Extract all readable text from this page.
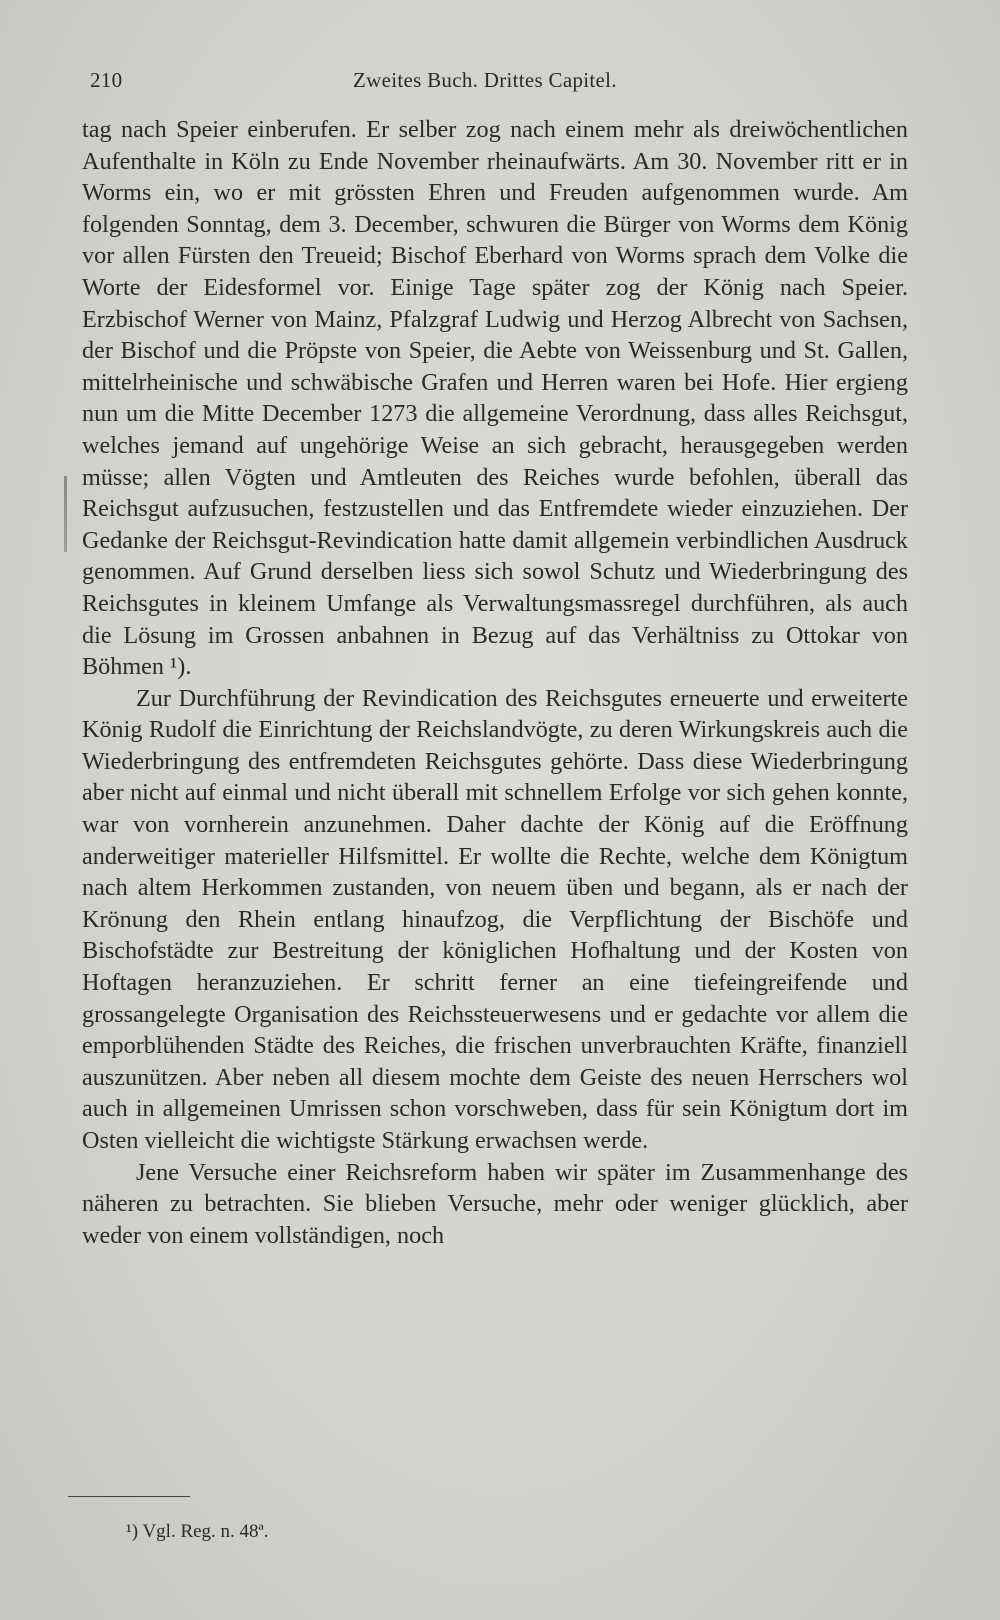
210	Zweites Buch. Drittes Capitel.

tag nach Speier einberufen. Er selber zog nach einem mehr als dreiwöchentlichen Aufenthalte in Köln zu Ende November rheinaufwärts. Am 30. November ritt er in Worms ein, wo er mit grössten Ehren und Freuden aufgenommen wurde. Am folgenden Sonntag, dem 3. December, schwuren die Bürger von Worms dem König vor allen Fürsten den Treueid; Bischof Eberhard von Worms sprach dem Volke die Worte der Eidesformel vor. Einige Tage später zog der König nach Speier. Erzbischof Werner von Mainz, Pfalzgraf Ludwig und Herzog Albrecht von Sachsen, der Bischof und die Pröpste von Speier, die Aebte von Weissenburg und St. Gallen, mittelrheinische und schwäbische Grafen und Herren waren bei Hofe. Hier ergieng nun um die Mitte December 1273 die allgemeine Verordnung, dass alles Reichsgut, welches jemand auf ungehörige Weise an sich gebracht, herausgegeben werden müsse; allen Vögten und Amtleuten des Reiches wurde befohlen, überall das Reichsgut aufzusuchen, festzustellen und das Entfremdete wieder einzuziehen. Der Gedanke der Reichsgut-Revindication hatte damit allgemein verbindlichen Ausdruck genommen. Auf Grund derselben liess sich sowol Schutz und Wiederbringung des Reichsgutes in kleinem Umfange als Verwaltungsmassregel durchführen, als auch die Lösung im Grossen anbahnen in Bezug auf das Verhältniss zu Ottokar von Böhmen ¹).

Zur Durchführung der Revindication des Reichsgutes erneuerte und erweiterte König Rudolf die Einrichtung der Reichslandvögte, zu deren Wirkungskreis auch die Wiederbringung des entfremdeten Reichsgutes gehörte. Dass diese Wiederbringung aber nicht auf einmal und nicht überall mit schnellem Erfolge vor sich gehen konnte, war von vornherein anzunehmen. Daher dachte der König auf die Eröffnung anderweitiger materieller Hilfsmittel. Er wollte die Rechte, welche dem Königtum nach altem Herkommen zustanden, von neuem üben und begann, als er nach der Krönung den Rhein entlang hinaufzog, die Verpflichtung der Bischöfe und Bischofstädte zur Bestreitung der königlichen Hofhaltung und der Kosten von Hoftagen heranzuziehen. Er schritt ferner an eine tiefeingreifende und grossangelegte Organisation des Reichssteuerwesens und er gedachte vor allem die emporblühenden Städte des Reiches, die frischen unverbrauchten Kräfte, finanziell auszunützen. Aber neben all diesem mochte dem Geiste des neuen Herrschers wol auch in allgemeinen Umrissen schon vorschweben, dass für sein Königtum dort im Osten vielleicht die wichtigste Stärkung erwachsen werde.

Jene Versuche einer Reichsreform haben wir später im Zusammenhange des näheren zu betrachten. Sie blieben Versuche, mehr oder weniger glücklich, aber weder von einem vollständigen, noch

¹) Vgl. Reg. n. 48ª.
